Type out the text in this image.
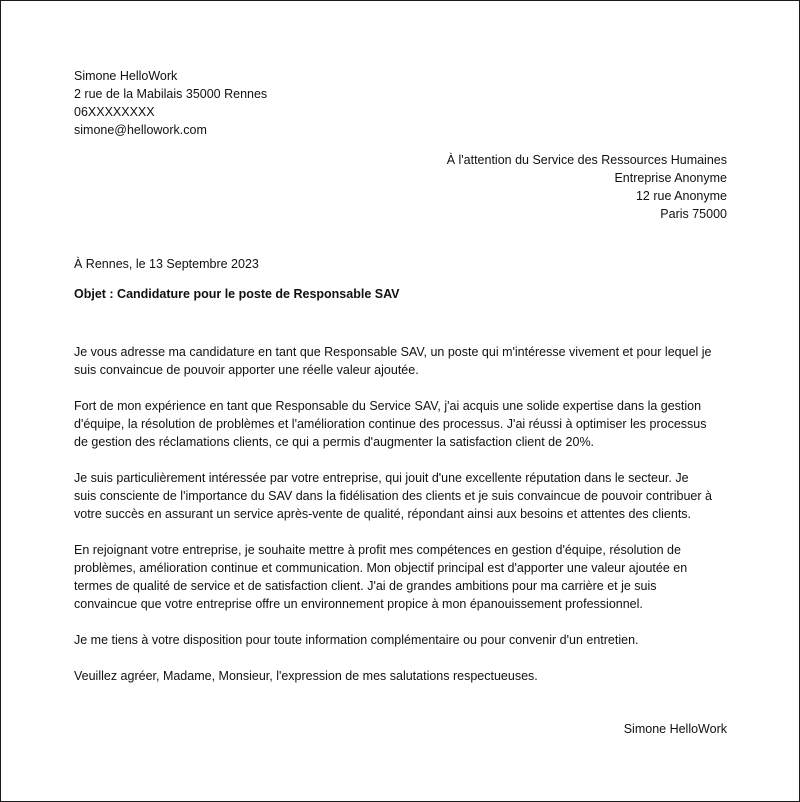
Simone HelloWork
2 rue de la Mabilais 35000 Rennes
06XXXXXXXX
simone@hellowork.com
À l'attention du Service des Ressources Humaines
Entreprise Anonyme
12 rue Anonyme
Paris 75000
À Rennes, le 13 Septembre 2023
Objet : Candidature pour le poste de Responsable SAV

Je vous adresse ma candidature en tant que Responsable SAV, un poste qui m'intéresse vivement et pour lequel je
suis convaincue de pouvoir apporter une réelle valeur ajoutée.

Fort de mon expérience en tant que Responsable du Service SAV, j'ai acquis une solide expertise dans la gestion
d'équipe, la résolution de problèmes et l'amélioration continue des processus. J'ai réussi à optimiser les processus
de gestion des réclamations clients, ce qui a permis d'augmenter la satisfaction client de 20%.

Je suis particulièrement intéressée par votre entreprise, qui jouit d'une excellente réputation dans le secteur. Je
suis consciente de l'importance du SAV dans la fidélisation des clients et je suis convaincue de pouvoir contribuer à
votre succès en assurant un service après-vente de qualité, répondant ainsi aux besoins et attentes des clients.

En rejoignant votre entreprise, je souhaite mettre à profit mes compétences en gestion d'équipe, résolution de
problèmes, amélioration continue et communication. Mon objectif principal est d'apporter une valeur ajoutée en
termes de qualité de service et de satisfaction client. J'ai de grandes ambitions pour ma carrière et je suis
convaincue que votre entreprise offre un environnement propice à mon épanouissement professionnel.

Je me tiens à votre disposition pour toute information complémentaire ou pour convenir d'un entretien.

Veuillez agréer, Madame, Monsieur, l'expression de mes salutations respectueuses.

Simone HelloWork
